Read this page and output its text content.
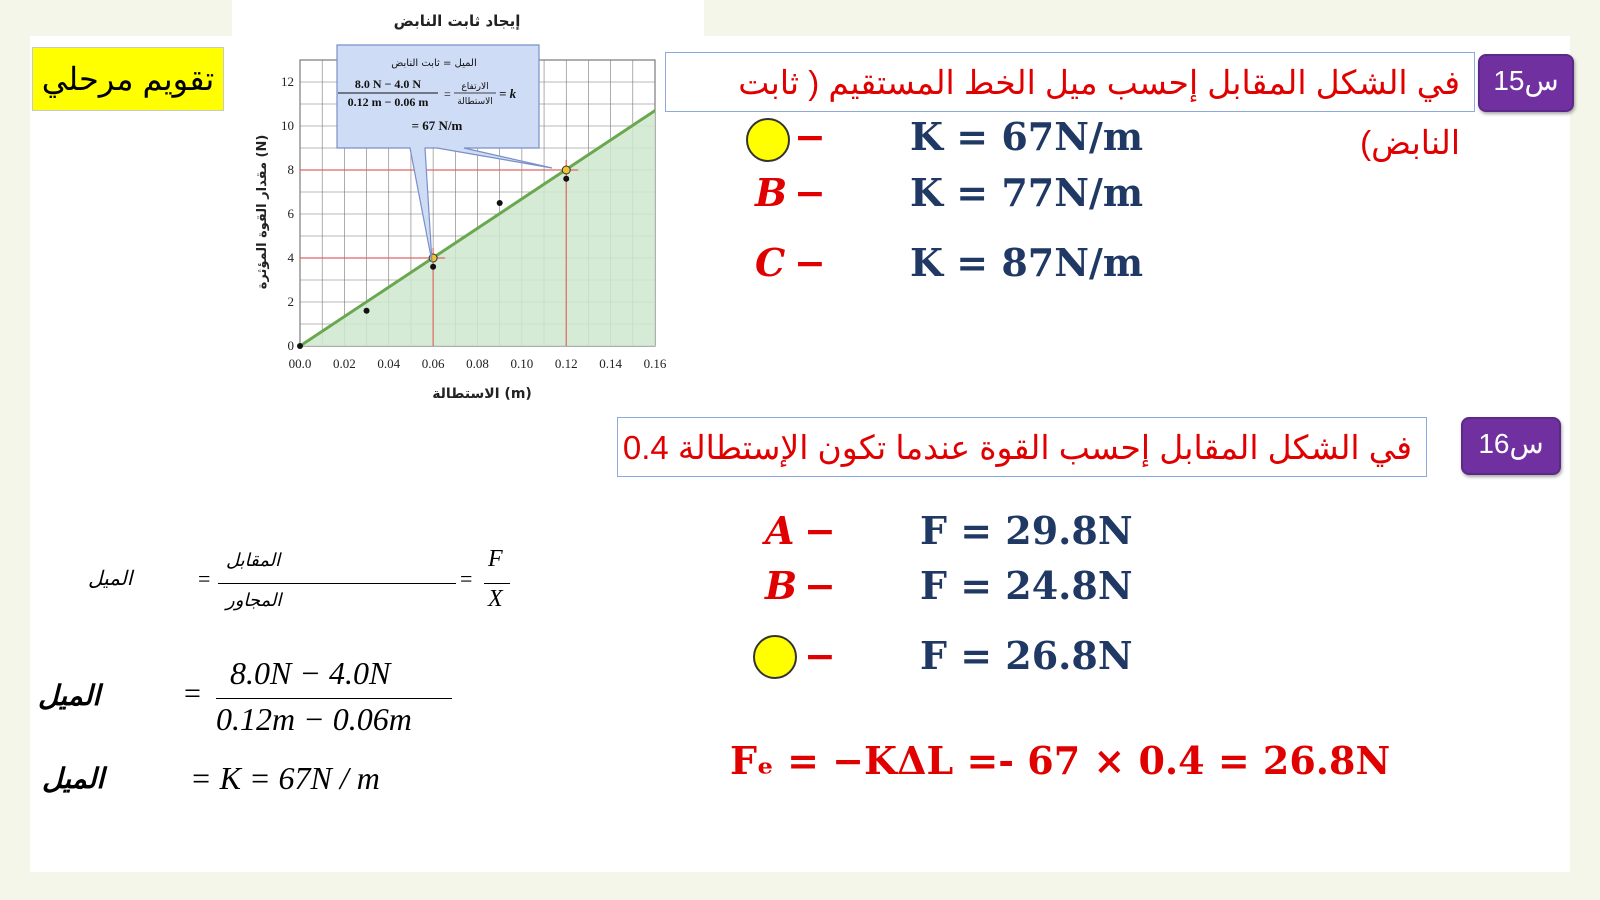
تقويم مرحلي
إيجاد ثابت النابض
00.0 0.02 0.04 0.06 0.08 0.10 0.12 0.14 0.16
0
2
4
6
8
10
12
الاستطالة (m)
مقدار القوة المؤثرة (N)
الميل = ثابت النابض
8.0 N − 4.0 N
0.12 m − 0.06 m
= الارتفاع
الاستطالة
= k
= 67 N/m
س15
في الشكل المقابل إحسب ميل الخط المستقيم ( ثابت النابض)
− K = 67N/m
B − K = 77N/m
C − K = 87N/m
س16
في الشكل المقابل إحسب القوة عندما تكون الإستطالة 0.4
A − F = 29.8N
B − F = 24.8N
− F = 26.8N
Fₑ = −KΔL =- 67 × 0.4 = 26.8N
الميل	=
المقابل
المجاور
=
F
X
الميل	=
8.0N − 4.0N
0.12m − 0.06m
الميل	= K = 67N / m
